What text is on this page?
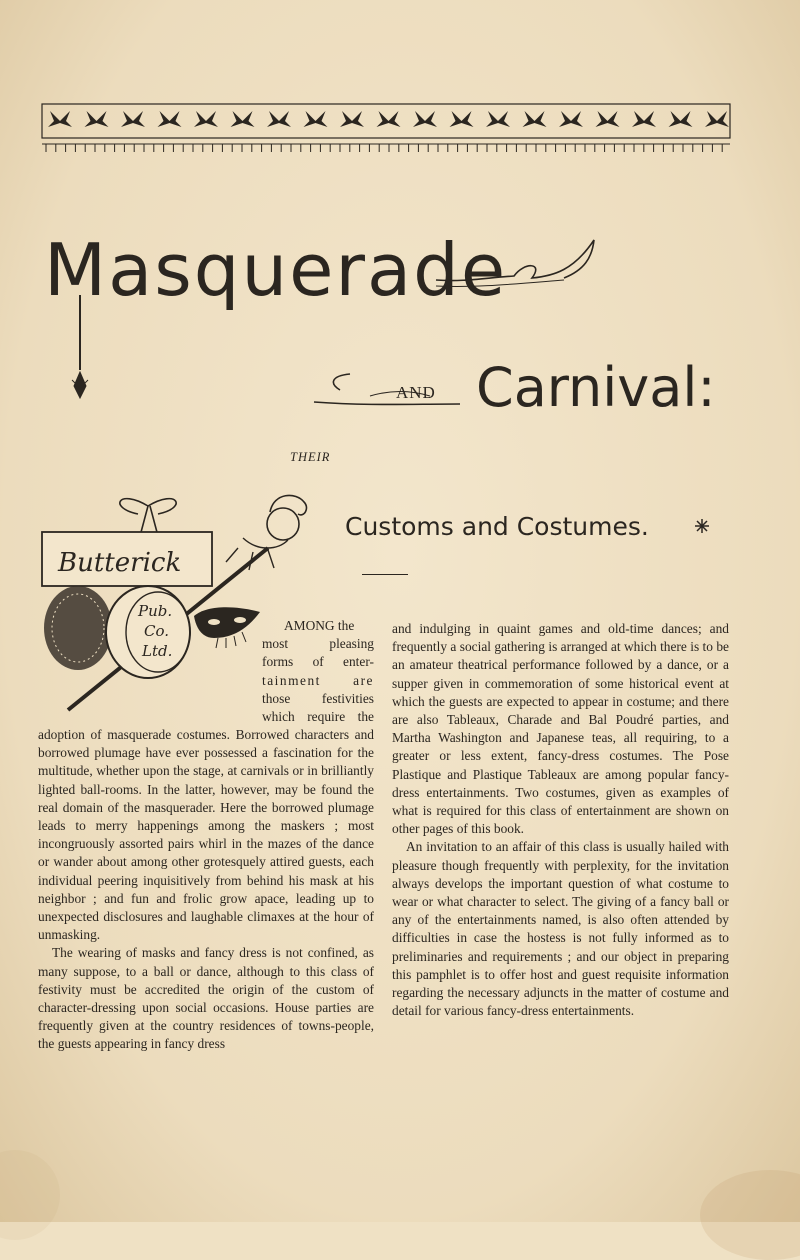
Masquerade
AND Carnival:
THEIR
Customs and Costumes.
Butterick
Pub.
Co.
Ltd.

AMONG the

most pleasing

forms of enter-

tainment are

those festivities

which require the

adoption of masquerade costumes. Borrowed characters and borrowed plumage have ever possessed a fascination for the multitude, whether upon the stage, at carnivals or in brilliantly lighted ball-rooms. In the latter, however, may be found the real domain of the masquerader. Here the borrowed plumage leads to merry happenings among the maskers ; most incongruously assorted pairs whirl in the mazes of the dance or wander about among other grotesquely attired guests, each individual peering inquisitively from behind his mask at his neighbor ; and fun and frolic grow apace, leading up to unexpected disclosures and laughable climaxes at the hour of unmasking.

The wearing of masks and fancy dress is not confined, as many suppose, to a ball or dance, although to this class of festivity must be accredited the origin of the custom of character-dressing upon social occasions. House parties are frequently given at the country residences of towns-people, the guests appearing in fancy dress

and indulging in quaint games and old-time dances; and frequently a social gathering is arranged at which there is to be an amateur theatrical performance followed by a dance, or a supper given in commemoration of some historical event at which the guests are expected to appear in costume; and there are also Tableaux, Charade and Bal Poudré parties, and Martha Washington and Japanese teas, all requiring, to a greater or less extent, fancy-dress costumes. The Pose Plastique and Plastique Tableaux are among popular fancy-dress entertainments. Two costumes, given as examples of what is required for this class of entertainment are shown on other pages of this book.

An invitation to an affair of this class is usually hailed with pleasure though frequently with perplexity, for the invitation always develops the important question of what costume to wear or what character to select. The giving of a fancy ball or any of the entertainments named, is also often attended by difficulties in case the hostess is not fully informed as to preliminaries and requirements ; and our object in preparing this pamphlet is to offer host and guest requisite information regarding the necessary adjuncts in the matter of costume and detail for various fancy-dress entertainments.
